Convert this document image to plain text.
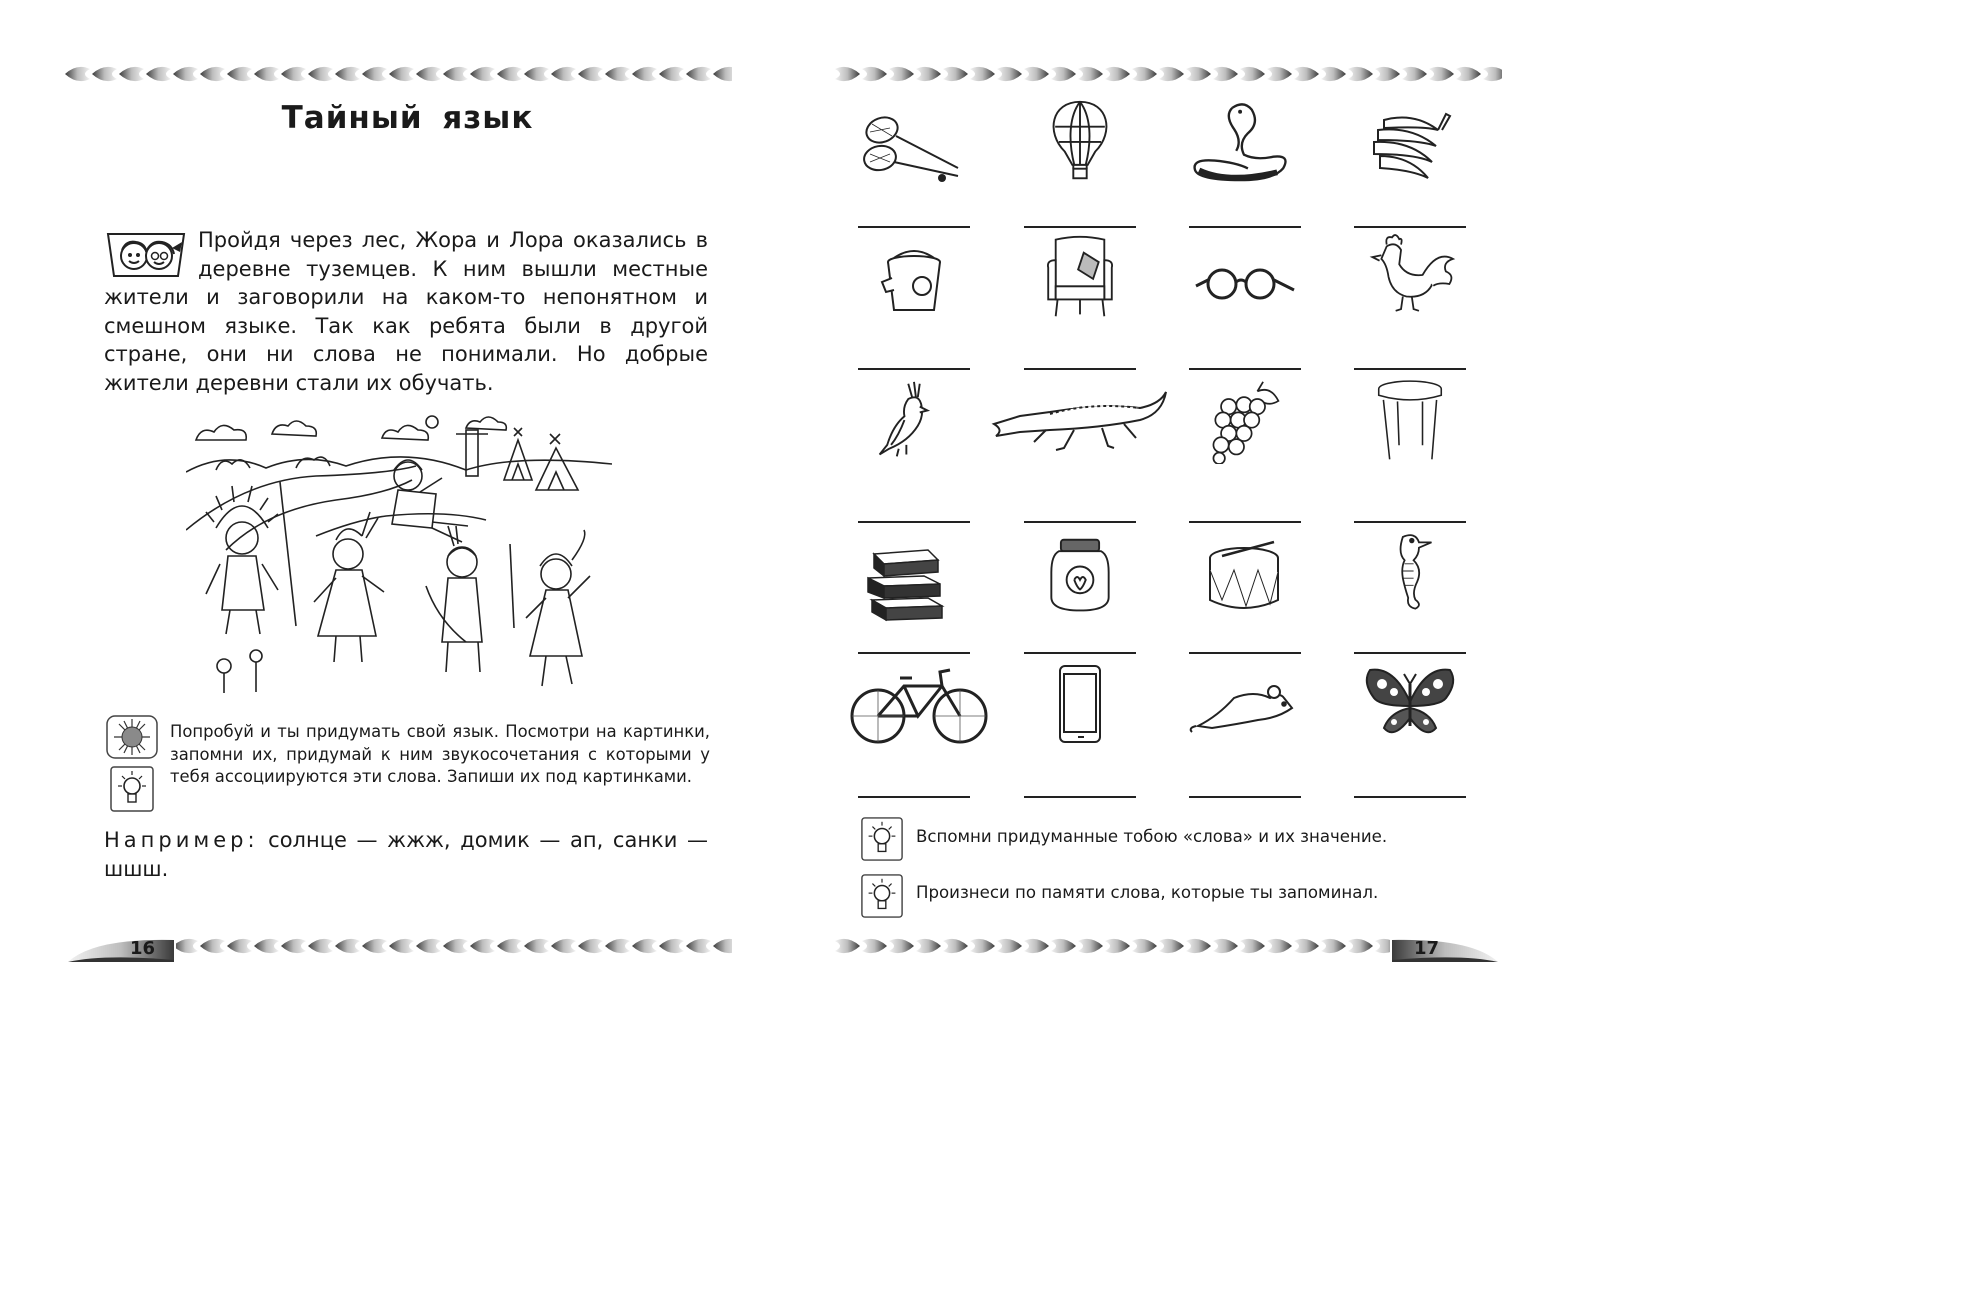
Тайный язык
Пройдя через лес, Жора и Лора оказались в деревне туземцев. К ним вышли местные жители и заговорили на каком-то непонятном и смешном языке. Так как ребята были в другой стране, они ни слова не понимали. Но добрые жители деревни стали их обучать.
Попробуй и ты придумать свой язык. Посмотри на картинки, запомни их, придумай к ним звукосочетания с которыми у тебя ассоциируются эти слова. Запиши их под картинками.
Например: солнце — жжж, домик — ап, санки — шшш.
16
Вспомни придуманные тобою «слова» и их значение.
Произнеси по памяти слова, которые ты запоминал.
17
